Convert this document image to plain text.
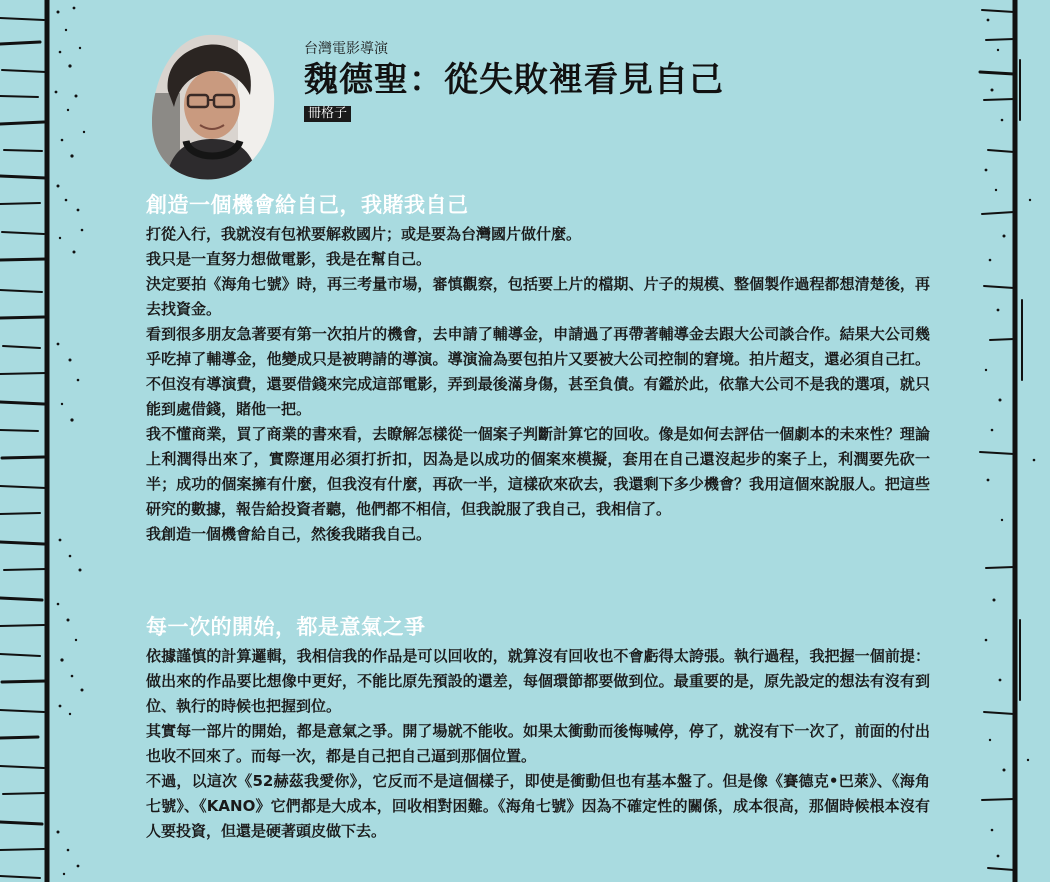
台灣電影導演

魏德聖：從失敗裡看見自己
冊格子
創造一個機會給自己，我賭我自己

打從入行，我就沒有包袱要解救國片；或是要為台灣國片做什麼。

我只是一直努力想做電影，我是在幫自己。

決定要拍《海角七號》時，再三考量市場，審慎觀察，包括要上片的檔期、片子的規模、整個製作過程都想清楚後，再去找資金。

看到很多朋友急著要有第一次拍片的機會，去申請了輔導金，申請過了再帶著輔導金去跟大公司談合作。結果大公司幾乎吃掉了輔導金，他變成只是被聘請的導演。導演淪為要包拍片又要被大公司控制的窘境。拍片超支，還必須自己扛。不但沒有導演費，還要借錢來完成這部電影，弄到最後滿身傷，甚至負債。有鑑於此，依靠大公司不是我的選項，就只能到處借錢，賭他一把。

我不懂商業，買了商業的書來看，去瞭解怎樣從一個案子判斷計算它的回收。像是如何去評估一個劇本的未來性？理論上利潤得出來了，實際運用必須打折扣，因為是以成功的個案來模擬，套用在自己還沒起步的案子上，利潤要先砍一半；成功的個案擁有什麼，但我沒有什麼，再砍一半，這樣砍來砍去，我還剩下多少機會？我用這個來說服人。把這些研究的數據，報告給投資者聽，他們都不相信，但我說服了我自己，我相信了。

我創造一個機會給自己，然後我賭我自己。

每一次的開始，都是意氣之爭

依據謹慎的計算邏輯，我相信我的作品是可以回收的，就算沒有回收也不會虧得太誇張。執行過程，我把握一個前提：做出來的作品要比想像中更好，不能比原先預設的還差，每個環節都要做到位。最重要的是，原先設定的想法有沒有到位、執行的時候也把握到位。

其實每一部片的開始，都是意氣之爭。開了場就不能收。如果太衝動而後悔喊停，停了，就沒有下一次了，前面的付出也收不回來了。而每一次，都是自己把自己逼到那個位置。

不過，以這次《52赫茲我愛你》，它反而不是這個樣子，即使是衝動但也有基本盤了。但是像《賽德克•巴萊》、《海角七號》、《KANO》它們都是大成本，回收相對困難。《海角七號》因為不確定性的關係，成本很高，那個時候根本沒有人要投資，但還是硬著頭皮做下去。
